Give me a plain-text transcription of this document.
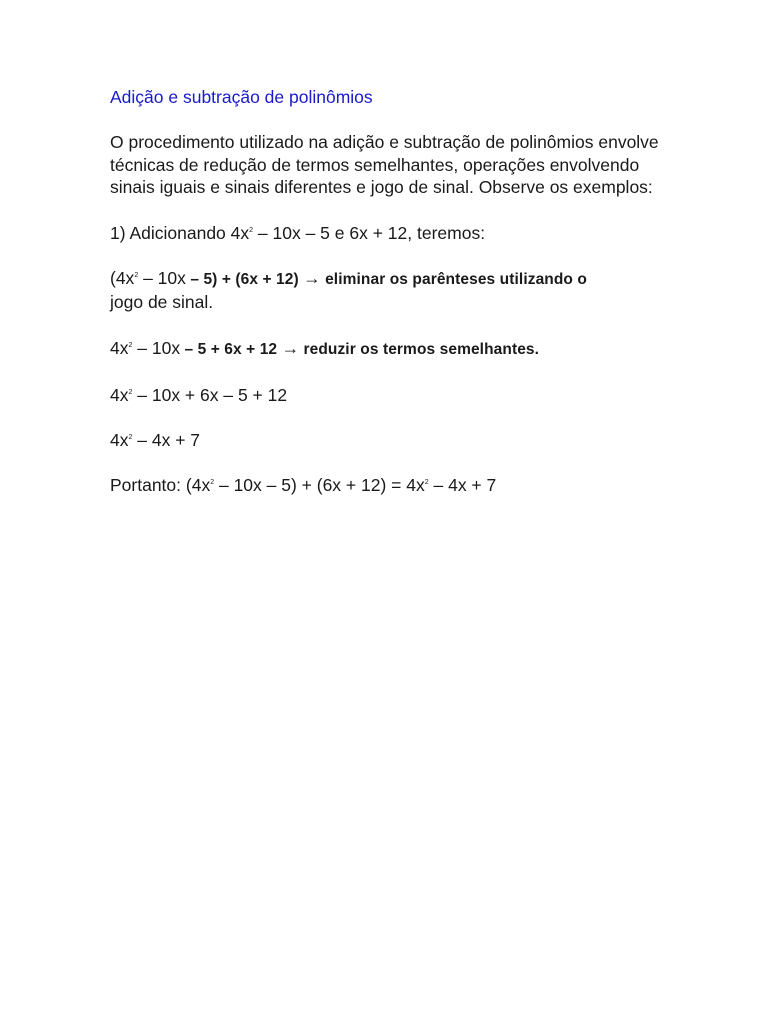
Adição e subtração de polinômios

O procedimento utilizado na adição e subtração de polinômios envolve técnicas de redução de termos semelhantes, operações envolvendo sinais iguais e sinais diferentes e jogo de sinal. Observe os exemplos:

1) Adicionando $4x^2 - 10x - 5$ e 6x + 12, teremos:

$(4x^2 - 10x - 5) + (6x + 12)$ → eliminar os parênteses utilizando o
jogo de sinal.

$4x^2 - 10x - 5 + 6x + 12$ → reduzir os termos semelhantes.

$4x^2 - 10x + 6x - 5 + 12$

$4x^2 - 4x + 7$

Portanto: $(4x^2 - 10x - 5) + (6x + 12) = 4x^2 - 4x + 7$
